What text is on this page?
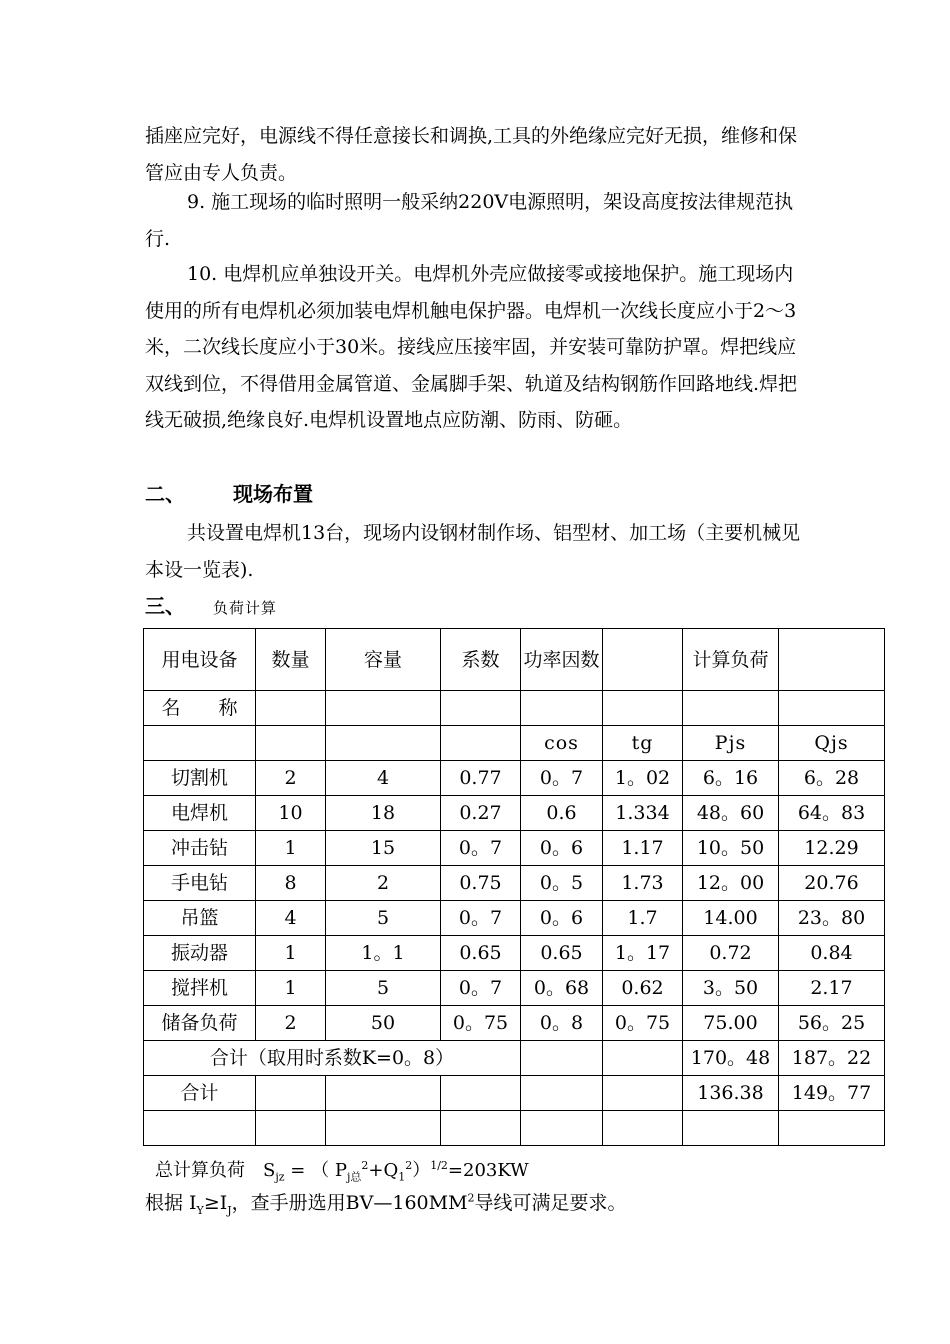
插座应完好，电源线不得任意接长和调换,工具的外绝缘应完好无损，维修和保管应由专人负责。

9. 施工现场的临时照明一般采纳220V电源照明，架设高度按法律规范执行.

10. 电焊机应单独设开关。电焊机外壳应做接零或接地保护。施工现场内使用的所有电焊机必须加装电焊机触电保护器。电焊机一次线长度应小于2～3米，二次线长度应小于30米。接线应压接牢固，并安装可靠防护罩。焊把线应双线到位，不得借用金属管道、金属脚手架、轨道及结构钢筋作回路地线.焊把线无破损,绝缘良好.电焊机设置地点应防潮、防雨、防砸。

二、 现场布置

共设置电焊机13台，现场内设钢材制作场、铝型材、加工场（主要机械见本设一览表).

三、 负荷计算
用电设备	数量	容量	系数	功率因数		计算负荷	
名　　称							
				cos	tg	Pjs	Qjs
切割机	2	4	0.77	0。7	1。02	6。16	6。28
电焊机	10	18	0.27	0.6	1.334	48。60	64。83
冲击钻	1	15	0。7	0。6	1.17	10。50	12.29
手电钻	8	2	0.75	0。5	1.73	12。00	20.76
吊篮	4	5	0。7	0。6	1.7	14.00	23。80
振动器	1	1。1	0.65	0.65	1。17	0.72	0.84
搅拌机	1	5	0。7	0。68	0.62	3。50	2.17
储备负荷	2	50	0。75	0。8	0。75	75.00	56。25
合计（取用时系数K=0。8）						170。48	187。22
合计						136.38	149。77

总计算负荷　 $S_{jz}$ = （ $P_{j总}^2+Q_1^2)^{1/2}=203KW$
根据 $I_Y\ge I_J$，查手册选用$BV—160MM^2$导线可满足要求。
